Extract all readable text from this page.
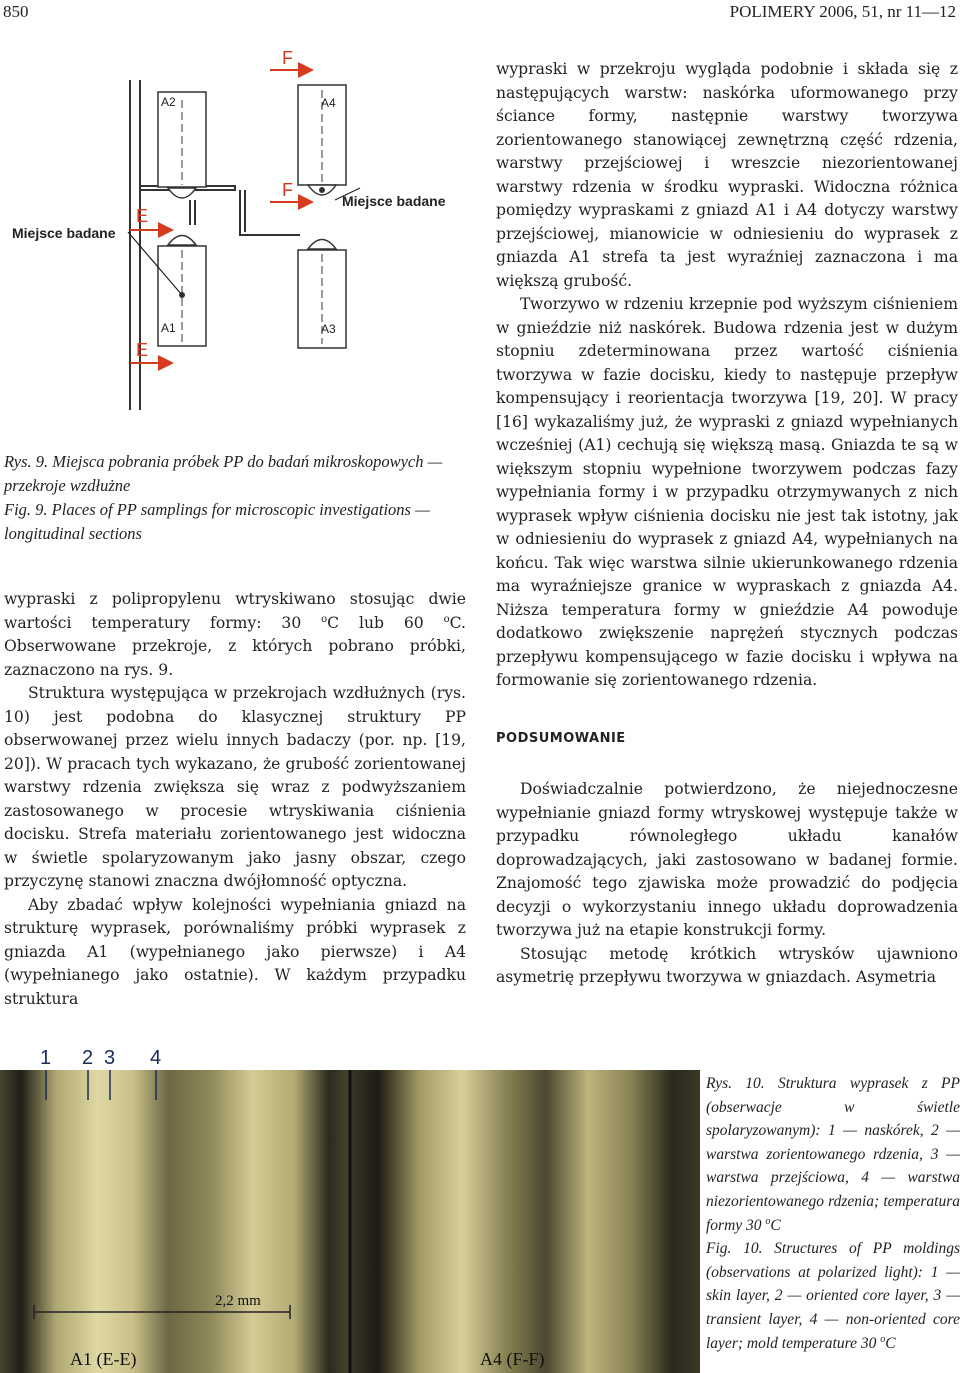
850	POLIMERY 2006, 51, nr 11—12
A2
A1
A4
A3
F
F
E
E
Miejsce badane
Miejsce badane
Rys. 9. Miejsca pobrania próbek PP do badań mikroskopowych — przekroje wzdłużne
Fig. 9. Places of PP samplings for microscopic investigations — longitudinal sections

wypraski z polipropylenu wtryskiwano stosując dwie wartości temperatury formy: 30 $^o$C lub 60 $^o$C. Obserwowane przekroje, z których pobrano próbki, zaznaczono na rys. 9.

Struktura występująca w przekrojach wzdłużnych (rys. 10) jest podobna do klasycznej struktury PP obserwowanej przez wielu innych badaczy (por. np. [19, 20]). W pracach tych wykazano, że grubość zorientowanej warstwy rdzenia zwiększa się wraz z podwyższaniem zastosowanego w procesie wtryskiwania ciśnienia docisku. Strefa materiału zorientowanego jest widoczna w świetle spolaryzowanym jako jasny obszar, czego przyczynę stanowi znaczna dwójłomność optyczna.

Aby zbadać wpływ kolejności wypełniania gniazd na strukturę wyprasek, porównaliśmy próbki wyprasek z gniazda A1 (wypełnianego jako pierwsze) i A4 (wypełnianego jako ostatnie). W każdym przypadku struktura

wypraski w przekroju wygląda podobnie i składa się z następujących warstw: naskórka uformowanego przy ściance formy, następnie warstwy tworzywa zorientowanego stanowiącej zewnętrzną część rdzenia, warstwy przejściowej i wreszcie niezorientowanej warstwy rdzenia w środku wypraski. Widoczna różnica pomiędzy wypraskami z gniazd A1 i A4 dotyczy warstwy przejściowej, mianowicie w odniesieniu do wyprasek z gniazda A1 strefa ta jest wyraźniej zaznaczona i ma większą grubość.

Tworzywo w rdzeniu krzepnie pod wyższym ciśnieniem w gnieździe niż naskórek. Budowa rdzenia jest w dużym stopniu zdeterminowana przez wartość ciśnienia tworzywa w fazie docisku, kiedy to następuje przepływ kompensujący i reorientacja tworzywa [19, 20]. W pracy [16] wykazaliśmy już, że wypraski z gniazd wypełnianych wcześniej (A1) cechują się większą masą. Gniazda te są w większym stopniu wypełnione tworzywem podczas fazy wypełniania formy i w przypadku otrzymywanych z nich wyprasek wpływ ciśnienia docisku nie jest tak istotny, jak w odniesieniu do wyprasek z gniazd A4, wypełnianych na końcu. Tak więc warstwa silnie ukierunkowanego rdzenia ma wyraźniejsze granice w wypraskach z gniazda A4. Niższa temperatura formy w gnieździe A4 powoduje dodatkowo zwiększenie naprężeń stycznych podczas przepływu kompensującego w fazie docisku i wpływa na formowanie się zorientowanego rdzenia.

PODSUMOWANIE

Doświadczalnie potwierdzono, że niejednoczesne wypełnianie gniazd formy wtryskowej występuje także w przypadku równoległego układu kanałów doprowadzających, jaki zastosowano w badanej formie. Znajomość tego zjawiska może prowadzić do podjęcia decyzji o wykorzystaniu innego układu doprowadzenia tworzywa już na etapie konstrukcji formy.

Stosując metodę krótkich wtrysków ujawniono asymetrię przepływu tworzywa w gniazdach. Asymetria

1 2 3 4
2,2 mm
A1 (E-E)	A4 (F-F)
Rys. 10. Struktura wyprasek z PP (obserwacje w świetle spolaryzowanym): 1 — naskórek, 2 — warstwa zorientowanego rdzenia, 3 — warstwa przejściowa, 4 — warstwa niezorientowanego rdzenia; temperatura formy 30 $^o$C
Fig. 10. Structures of PP moldings (observations at polarized light): 1 — skin layer, 2 — oriented core layer, 3 — transient layer, 4 — non-oriented core layer; mold temperature 30 $^o$C
